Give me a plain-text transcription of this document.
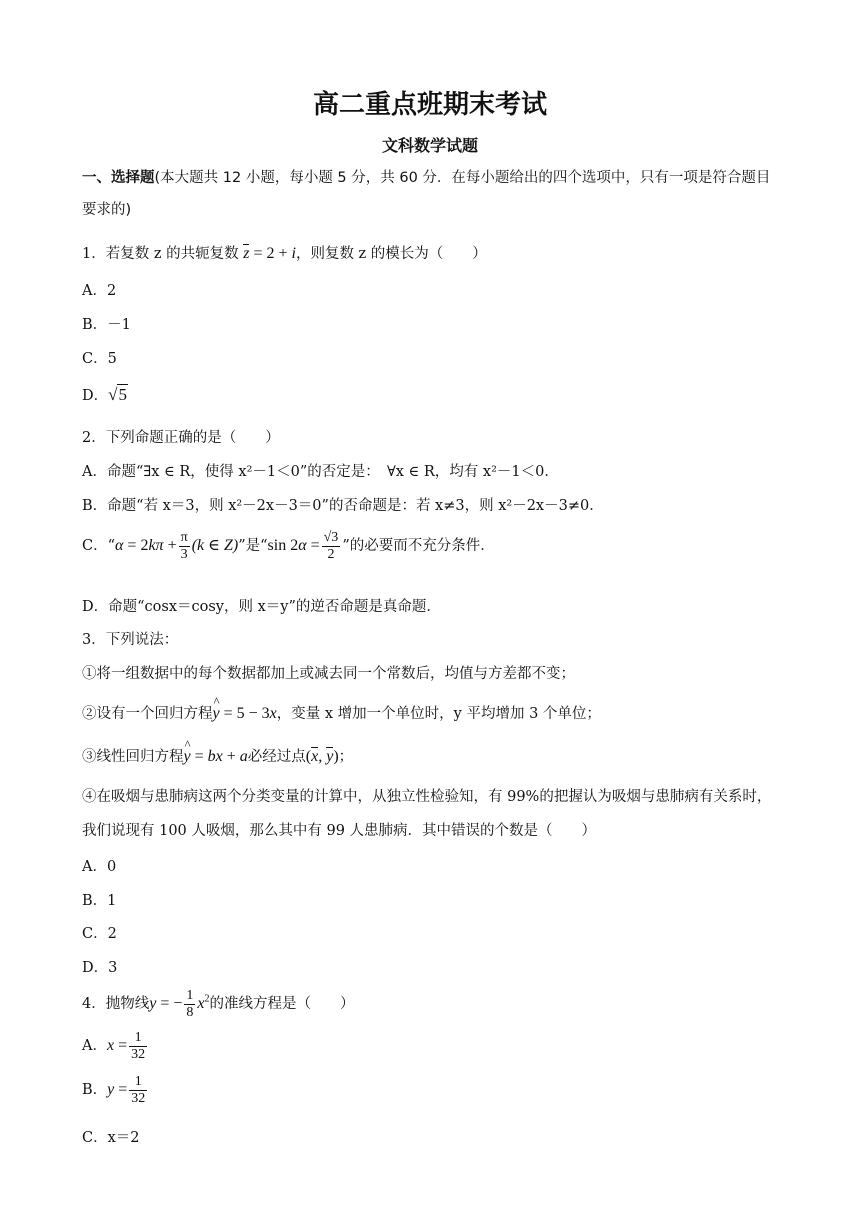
高二重点班期末考试
文科数学试题
一、选择题(本大题共 12 小题，每小题 5 分，共 60 分．在每小题给出的四个选项中，只有一项是符合题目
要求的)
1．若复数 z 的共轭复数 z = 2 + i，则复数 z 的模长为（　　）
A．2
B．－1
C．5
D．√5
2．下列命题正确的是（　　）
A．命题“∃x ∈ R，使得 x²－1＜0”的否定是：　∀x ∈ R，均有 x²－1＜0．
B．命题“若 x＝3，则 x²－2x－3＝0”的否命题是：若 x≠3，则 x²－2x－3≠0．
C．“$\alpha = 2k\pi + \frac{\pi}{3} (k$ ∈ Z)”是“sin $2\alpha = \frac{√3}{2}$ ”的必要而不充分条件．
D．命题“cosx＝cosy，则 x＝y”的逆否命题是真命题．
3．下列说法：
①将一组数据中的每个数据都加上或减去同一个常数后，均值与方差都不变；
②设有一个回归方程^ y = 5 − 3x，变量 x 增加一个单位时，y 平均增加 3 个单位；
③线性回归方程^ y = bx + a必经过点(x, y)；
④在吸烟与患肺病这两个分类变量的计算中，从独立性检验知，有 99%的把握认为吸烟与患肺病有关系时，
我们说现有 100 人吸烟，那么其中有 99 人患肺病．其中错误的个数是（　　）
A．0
B．1
C．2
D．3
4．抛物线y = − $\frac{1}{8} x^2$的准线方程是（　　）
A．$x = \frac{1}{32}$
B．$y = \frac{1}{32}$
C．x＝2
